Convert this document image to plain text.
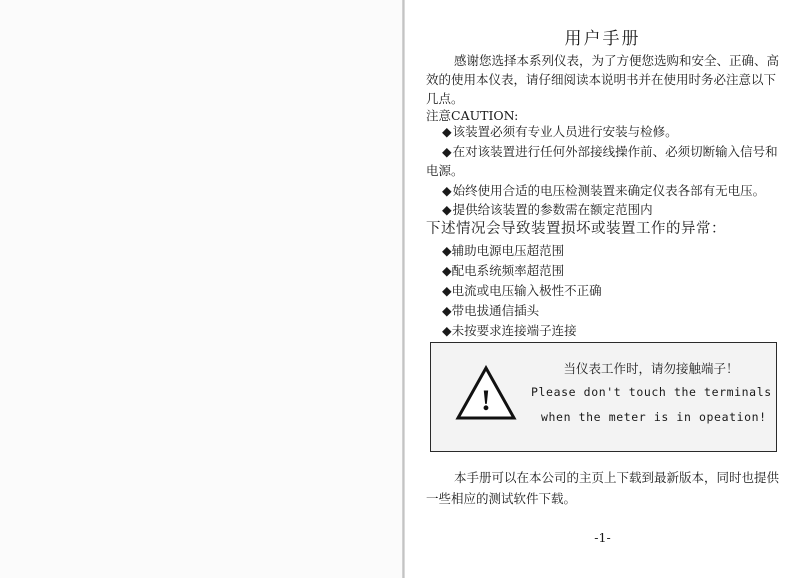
用户手册

感谢您选择本系列仪表，为了方便您选购和安全、正确、高效的使用本仪表，请仔细阅读本说明书并在使用时务必注意以下几点。

注意CAUTION:
◆该装置必须有专业人员进行安装与检修。
◆在对该装置进行任何外部接线操作前、必须切断输入信号和电源。
◆始终使用合适的电压检测装置来确定仪表各部有无电压。
◆提供给该装置的参数需在额定范围内
下述情况会导致装置损坏或装置工作的异常：
◆辅助电源电压超范围
◆配电系统频率超范围
◆电流或电压输入极性不正确
◆带电拔通信插头
◆未按要求连接端子连接
!
当仪表工作时，请勿接触端子！
Please don't touch the terminals
when the meter is in opeation!

本手册可以在本公司的主页上下载到最新版本，同时也提供一些相应的测试软件下载。

-1-
